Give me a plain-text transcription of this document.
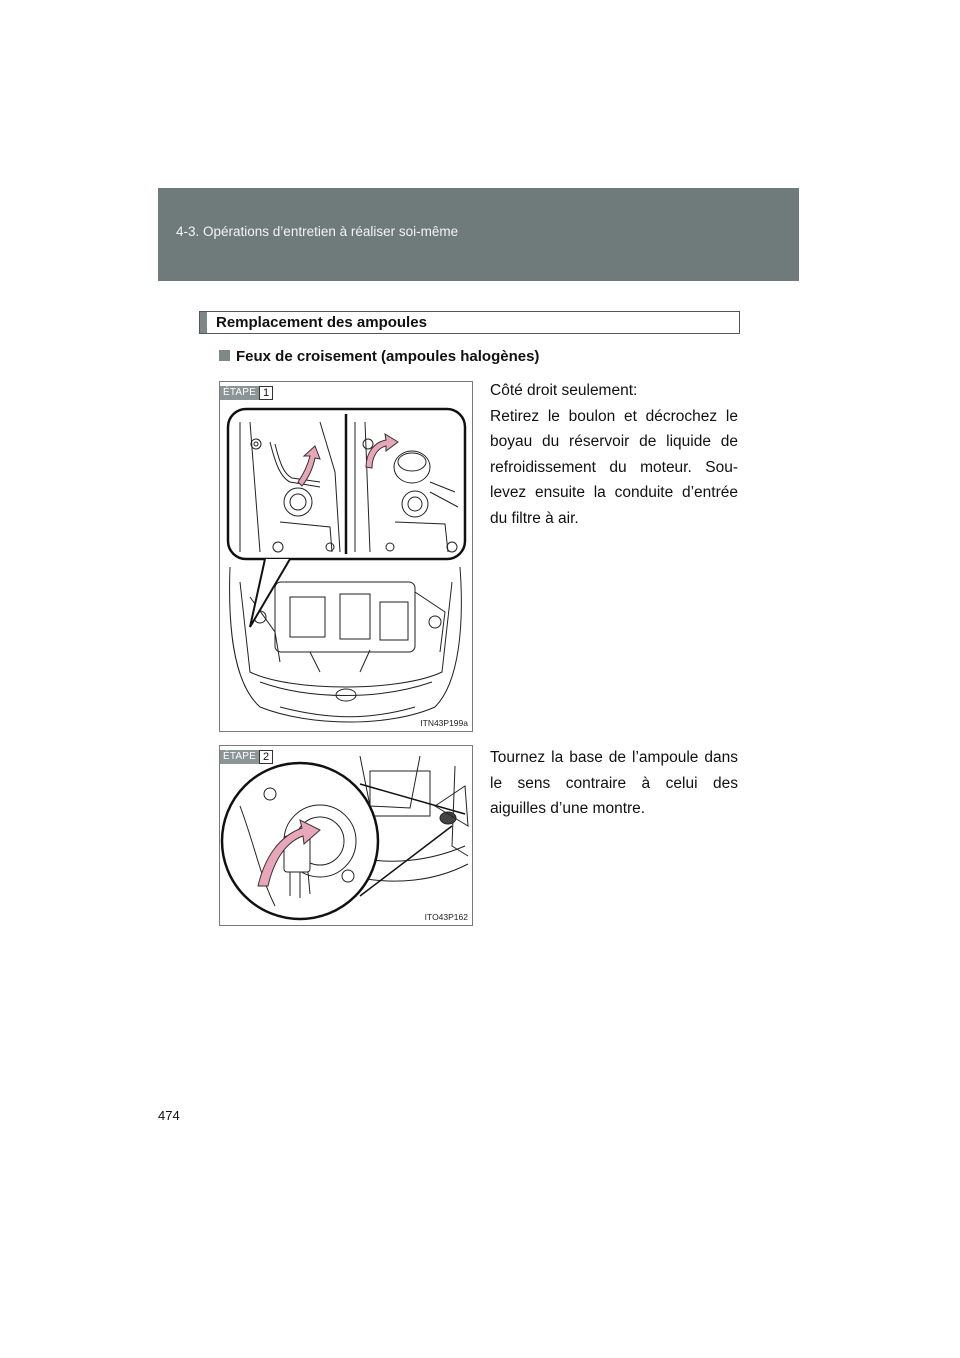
4-3. Opérations d’entretien à réaliser soi-même
Remplacement des ampoules
Feux de croisement (ampoules halogènes)
ÉTAPE 1
ITN43P199a

Côté droit seulement:

Retirez le boulon et décrochez le boyau du réservoir de liquide de refroidissement du moteur. Sou-levez ensuite la conduite d’entrée du filtre à air.

ÉTAPE 2
ITO43P162

Tournez la base de l’ampoule dans le sens contraire à celui des aiguilles d’une montre.

474
